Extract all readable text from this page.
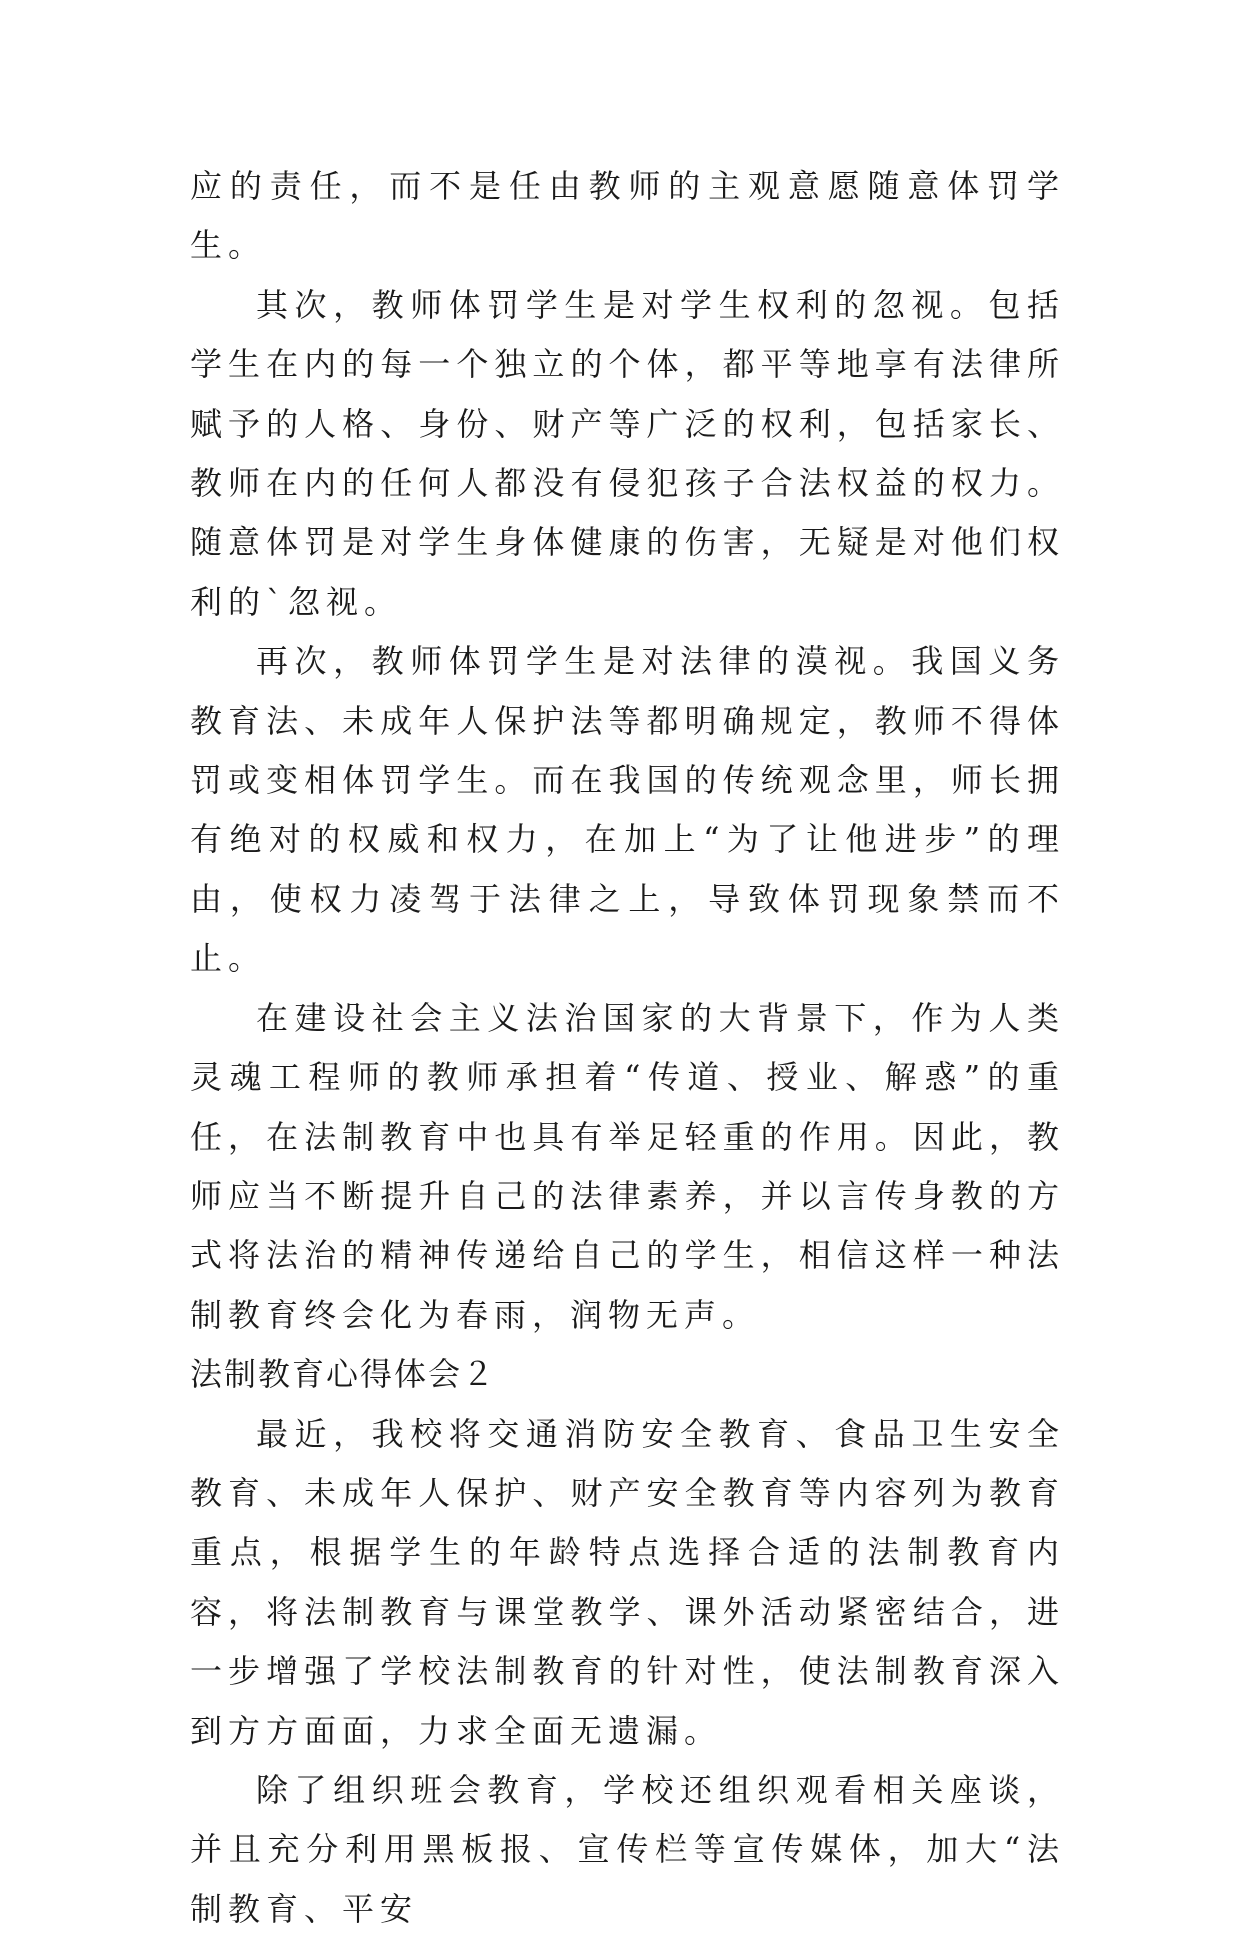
应的责任，而不是任由教师的主观意愿随意体罚学生。

其次，教师体罚学生是对学生权利的忽视。包括学生在内的每一个独立的个体，都平等地享有法律所赋予的人格、身份、财产等广泛的权利，包括家长、教师在内的任何人都没有侵犯孩子合法权益的权力。随意体罚是对学生身体健康的伤害，无疑是对他们权利的`忽视。

再次，教师体罚学生是对法律的漠视。我国义务教育法、未成年人保护法等都明确规定，教师不得体罚或变相体罚学生。而在我国的传统观念里，师长拥有绝对的权威和权力，在加上“为了让他进步”的理由，使权力凌驾于法律之上，导致体罚现象禁而不止。

在建设社会主义法治国家的大背景下，作为人类灵魂工程师的教师承担着“传道、授业、解惑”的重任，在法制教育中也具有举足轻重的作用。因此，教师应当不断提升自己的法律素养，并以言传身教的方式将法治的精神传递给自己的学生，相信这样一种法制教育终会化为春雨，润物无声。

法制教育心得体会２

最近，我校将交通消防安全教育、食品卫生安全教育、未成年人保护、财产安全教育等内容列为教育重点，根据学生的年龄特点选择合适的法制教育内容，将法制教育与课堂教学、课外活动紧密结合，进一步增强了学校法制教育的针对性，使法制教育深入到方方面面，力求全面无遗漏。

除了组织班会教育，学校还组织观看相关座谈，并且充分利用黑板报、宣传栏等宣传媒体，加大“法制教育、平安
